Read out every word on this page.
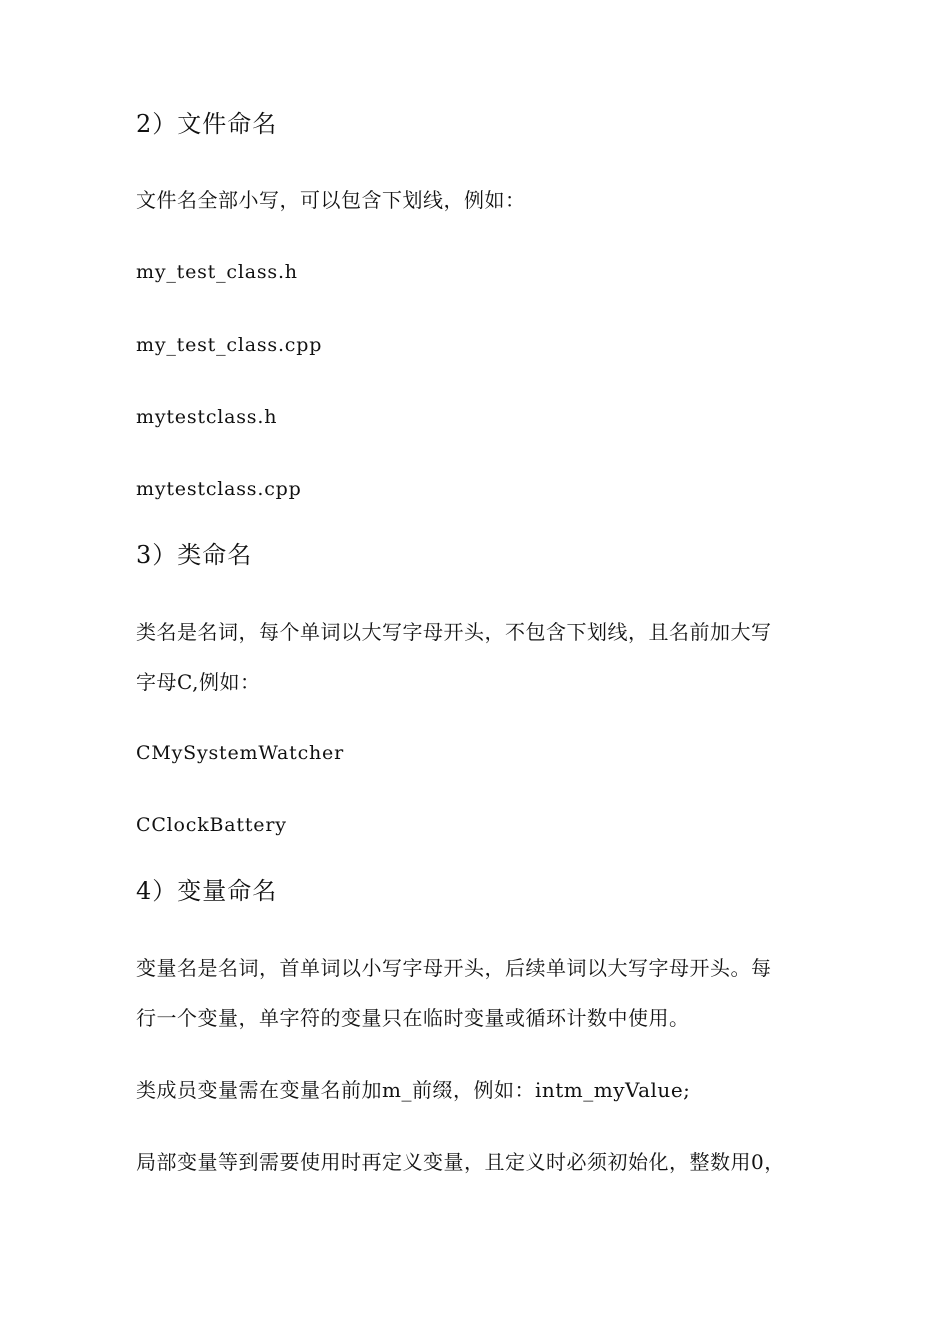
2）文件命名
文件名全部小写，可以包含下划线，例如：
my_test_class.h
my_test_class.cpp
mytestclass.h
mytestclass.cpp
3）类命名
类名是名词，每个单词以大写字母开头，不包含下划线，且名前加大写
字母C,例如：
CMySystemWatcher
CClockBattery
4）变量命名
变量名是名词，首单词以小写字母开头，后续单词以大写字母开头。每
行一个变量，单字符的变量只在临时变量或循环计数中使用。
类成员变量需在变量名前加m_前缀，例如：intm_myValue;
局部变量等到需要使用时再定义变量，且定义时必须初始化，整数用0，
